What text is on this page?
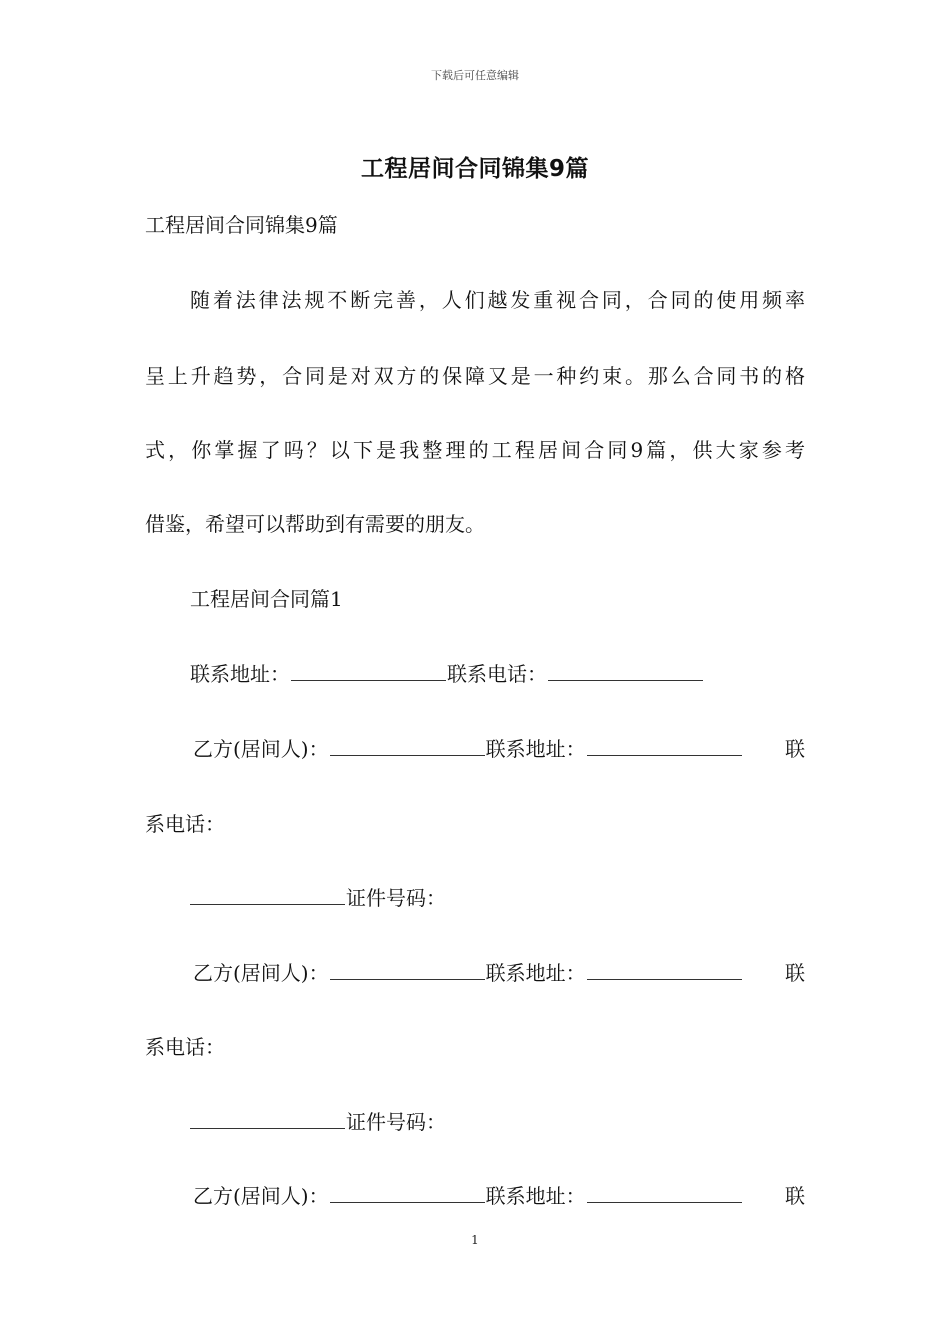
下载后可任意编辑
工程居间合同锦集9篇
工程居间合同锦集9篇
随着法律法规不断完善，人们越发重视合同，合同的使用频率
呈上升趋势，合同是对双方的保障又是一种约束。那么合同书的格
式，你掌握了吗？以下是我整理的工程居间合同9篇，供大家参考
借鉴，希望可以帮助到有需要的朋友。
工程居间合同篇1
联系地址：	联系电话：
乙方(居间人)：	联系地址：	联
系电话：
证件号码：
乙方(居间人)：	联系地址：	联
系电话：
证件号码：
乙方(居间人)：	联系地址：	联
1
